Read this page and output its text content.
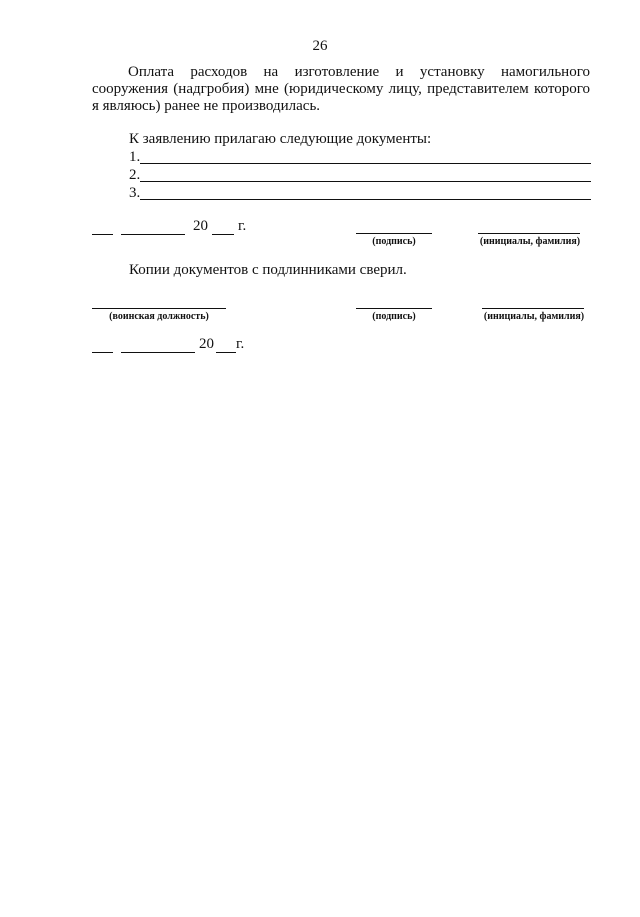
26

Оплата расходов на изготовление и установку намогильного сооружения (надгробия) мне (юридическому лицу, представителем которого я являюсь) ранее не производилась.

К заявлению прилагаю следующие документы:
1.
2.
3.
20 г.
(подпись)	(инициалы, фамилия)
Копии документов с подлинниками сверил.
(воинская должность)	(подпись)	(инициалы, фамилия)
20 г.
